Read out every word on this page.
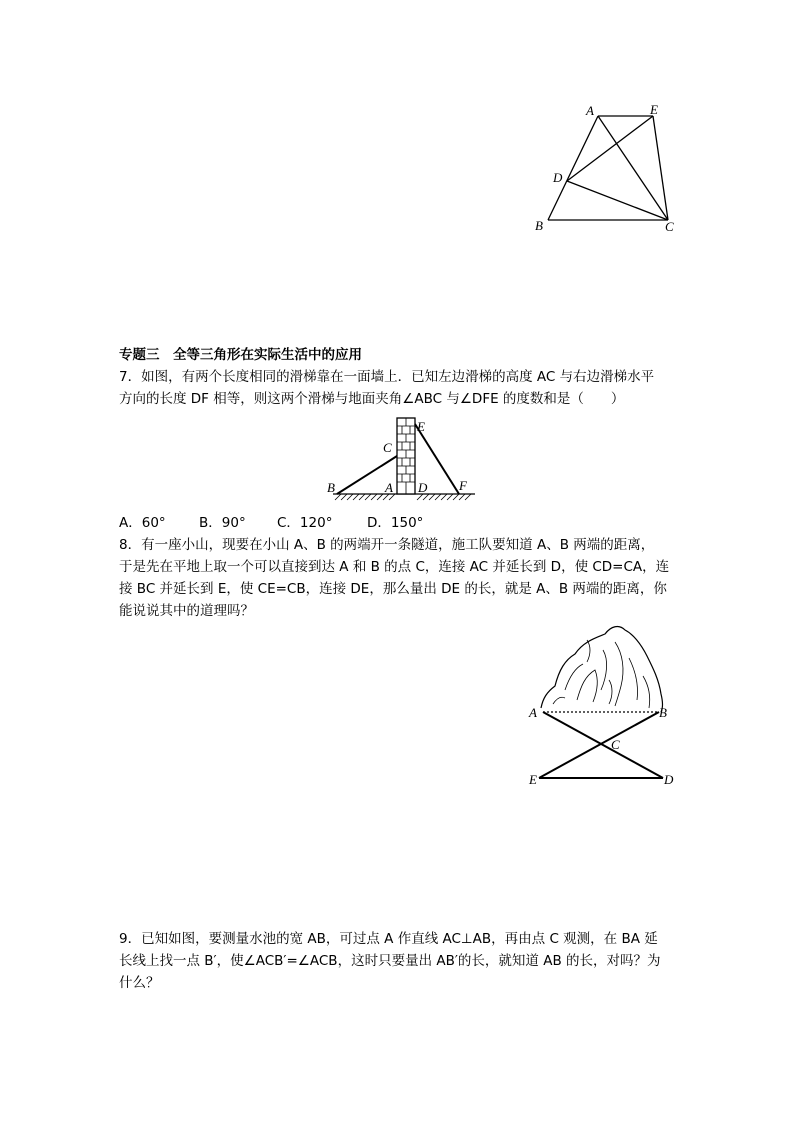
A	E
D
B	C
专题三　全等三角形在实际生活中的应用
7．如图，有两个长度相同的滑梯靠在一面墙上．已知左边滑梯的高度 AC 与右边滑梯水平
方向的长度 DF 相等，则这两个滑梯与地面夹角∠ABC 与∠DFE 的度数和是（　　）
C
E
B	A D F
A．60°	B．90°	C．120°	D．150°
8．有一座小山，现要在小山 A、B 的两端开一条隧道，施工队要知道 A、B 两端的距离，
于是先在平地上取一个可以直接到达 A 和 B 的点 C，连接 AC 并延长到 D，使 CD=CA，连
接 BC 并延长到 E，使 CE=CB，连接 DE，那么量出 DE 的长，就是 A、B 两端的距离，你
能说说其中的道理吗？
A	B
C
E	D
9．已知如图，要测量水池的宽 AB，可过点 A 作直线 AC⊥AB，再由点 C 观测，在 BA 延
长线上找一点 B′，使∠ACB′=∠ACB，这时只要量出 AB′的长，就知道 AB 的长，对吗？为
什么？
